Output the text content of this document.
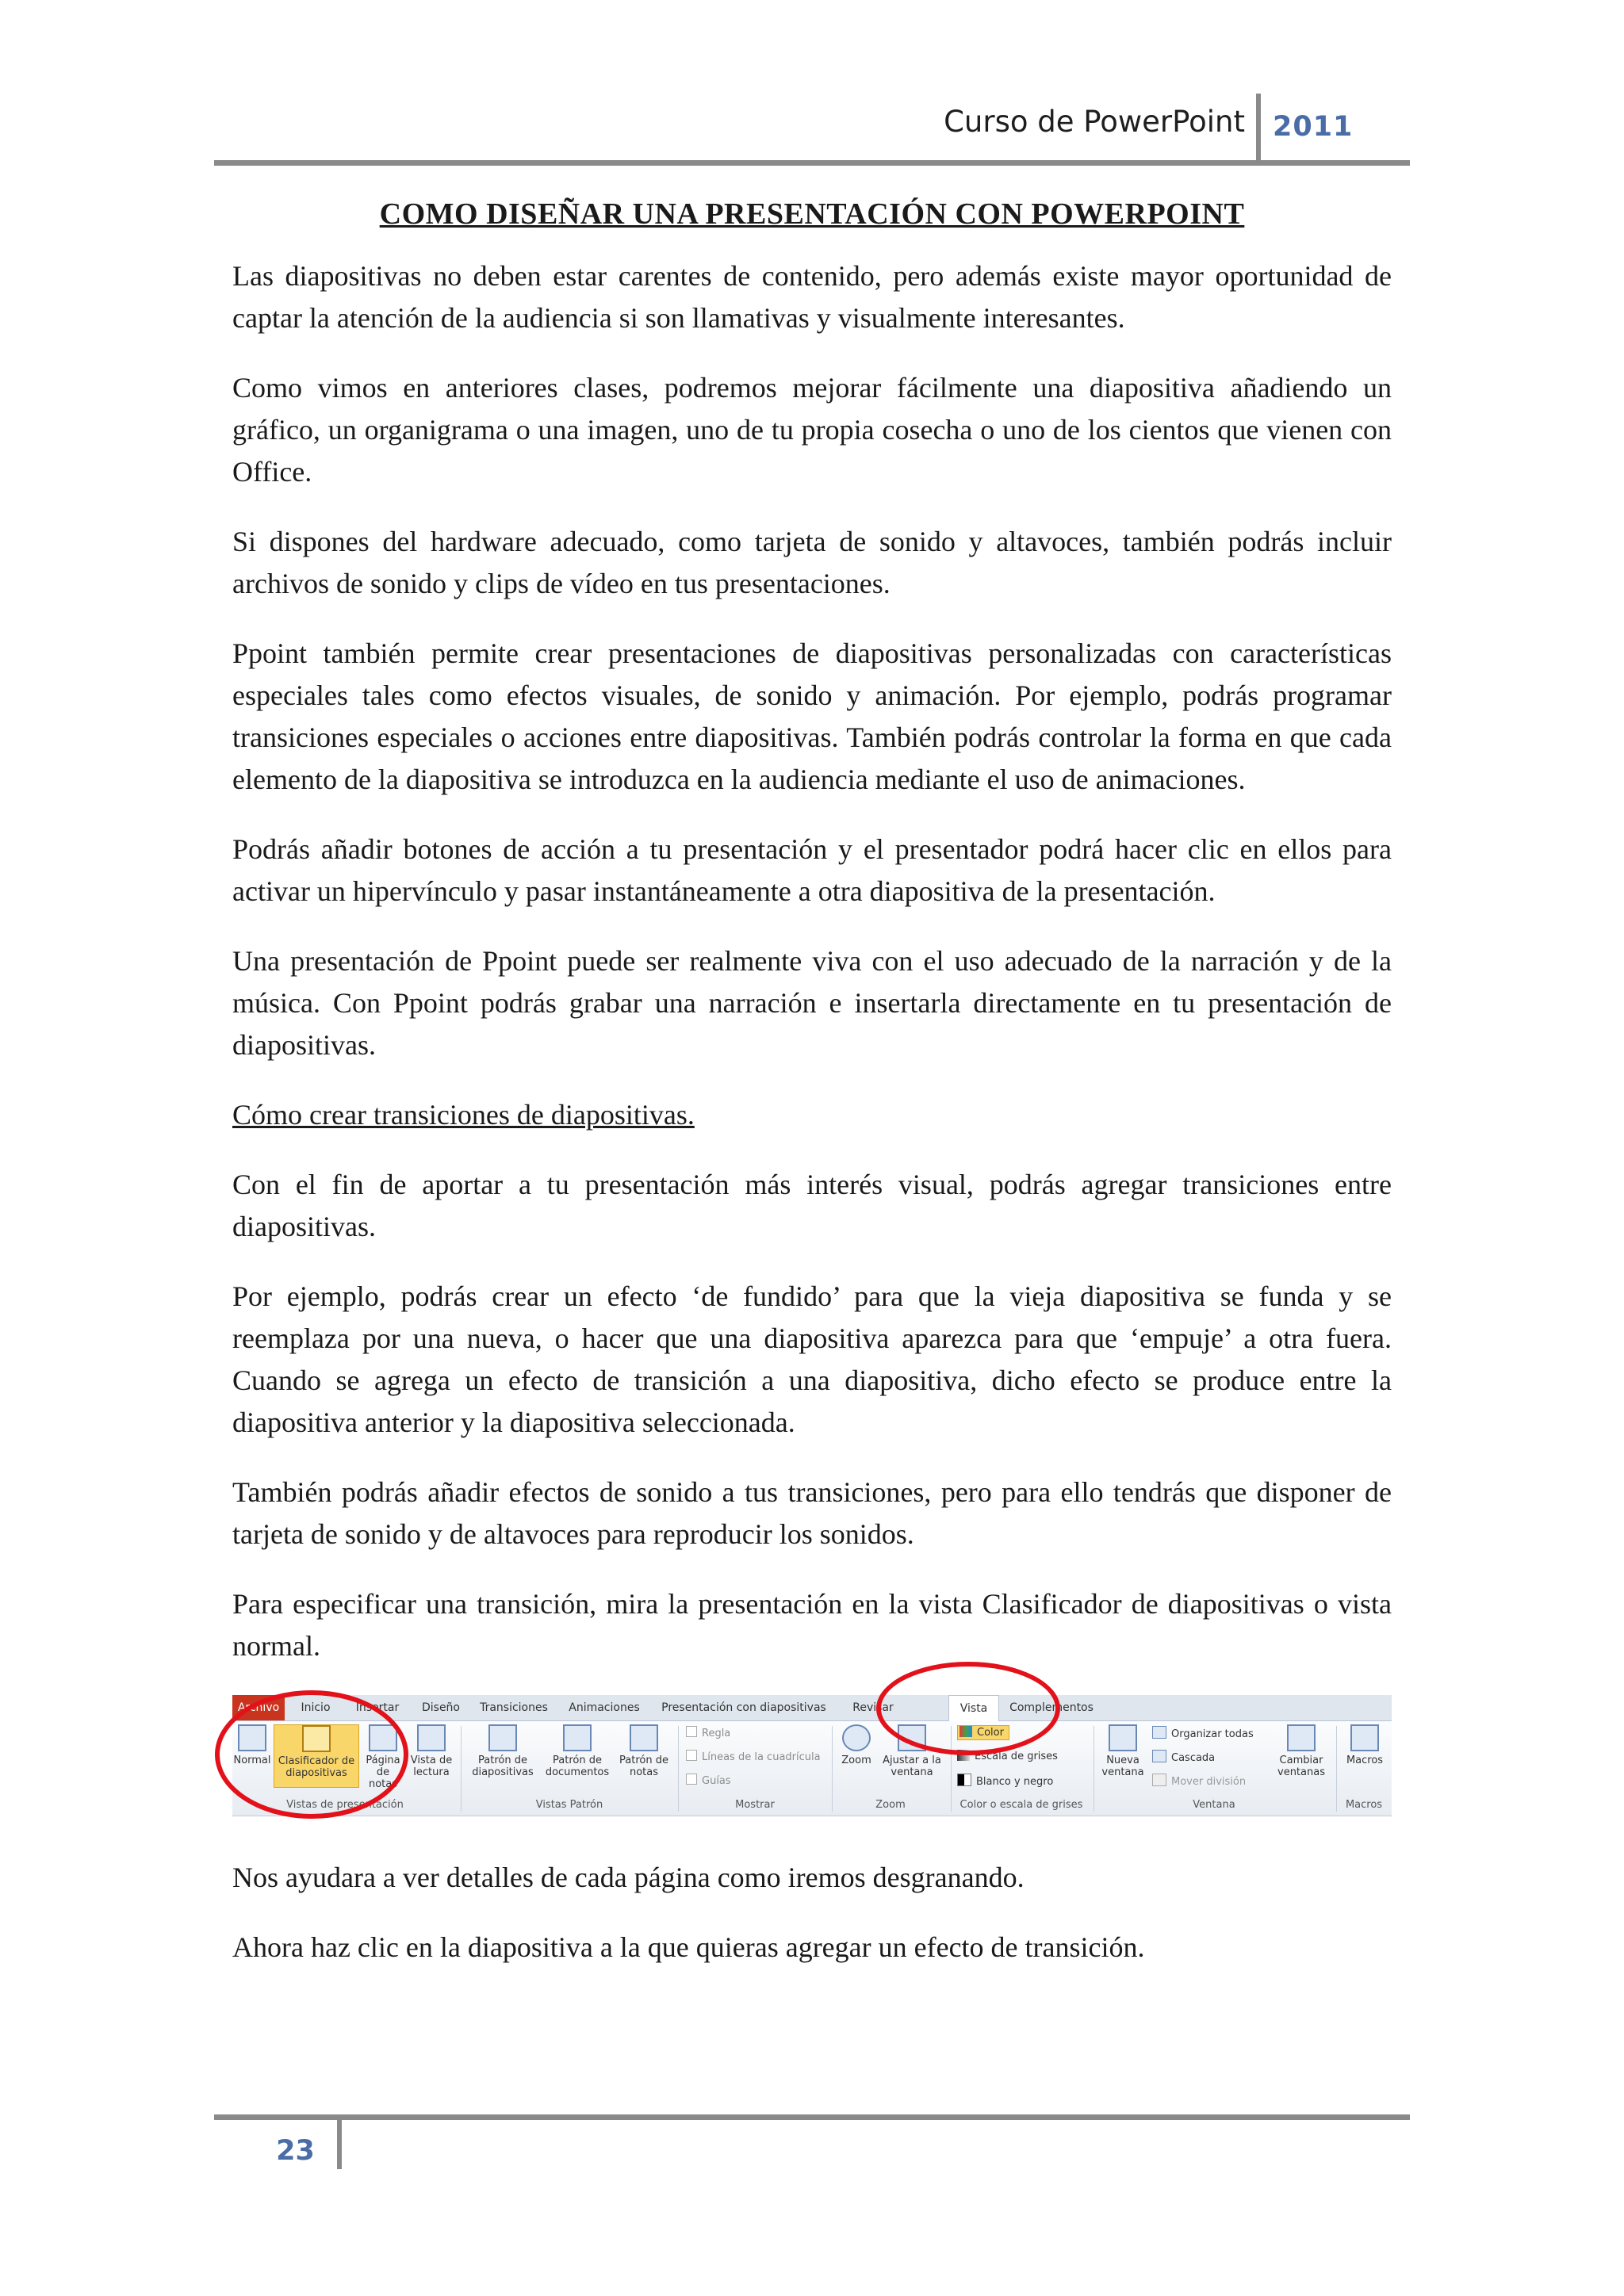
Curso de PowerPoint 2011
COMO DISEÑAR UNA PRESENTACIÓN CON POWERPOINT

Las diapositivas no deben estar carentes de contenido, pero además existe mayor oportunidad de captar la atención de la audiencia si son llamativas y visualmente interesantes.

Como vimos en anteriores clases, podremos mejorar fácilmente una diapositiva añadiendo un gráfico, un organigrama o una imagen, uno de tu propia cosecha o uno de los cientos que vienen con Office.

Si dispones del hardware adecuado, como tarjeta de sonido y altavoces, también podrás incluir archivos de sonido y clips de vídeo en tus presentaciones.

Ppoint también permite crear presentaciones de diapositivas personalizadas con características especiales tales como efectos visuales, de sonido y animación. Por ejemplo, podrás programar transiciones especiales o acciones entre diapositivas. También podrás controlar la forma en que cada elemento de la diapositiva se introduzca en la audiencia mediante el uso de animaciones.

Podrás añadir botones de acción a tu presentación y el presentador podrá hacer clic en ellos para activar un hipervínculo y pasar instantáneamente a otra diapositiva de la presentación.

Una presentación de Ppoint puede ser realmente viva con el uso adecuado de la narración y de la música. Con Ppoint podrás grabar una narración e insertarla directamente en tu presentación de diapositivas.

Cómo crear transiciones de diapositivas.

Con el fin de aportar a tu presentación más interés visual, podrás agregar transiciones entre diapositivas.

Por ejemplo, podrás crear un efecto ‘de fundido’ para que la vieja diapositiva se funda y se reemplaza por una nueva, o hacer que una diapositiva aparezca para que ‘empuje’ a otra fuera. Cuando se agrega un efecto de transición a una diapositiva, dicho efecto se produce entre la diapositiva anterior y la diapositiva seleccionada.

También podrás añadir efectos de sonido a tus transiciones, pero para ello tendrás que disponer de tarjeta de sonido y de altavoces para reproducir los sonidos.

Para especificar una transición, mira la presentación en la vista Clasificador de diapositivas o vista normal.

Archivo	Inicio	Insertar	Diseño	Transiciones	Animaciones	Presentación con diapositivas	Revisar	Vista	Complementos
Normal Clasificador de diapositivas
Página de notas
Vista de lectura
Vistas de presentación
Patrón de diapositivas
Patrón de documentos
Patrón de notas
Vistas Patrón
Regla
Líneas de la cuadrícula
Guías
Mostrar
Zoom	Ajustar a la ventana
Zoom
Color
Escala de grises
Blanco y negro
Color o escala de grises
Nueva ventana
Organizar todas
Cascada
Mover división
Cambiar ventanas
Ventana
Macros
Macros

Nos ayudara a ver detalles de cada página como iremos desgranando.

Ahora haz clic en la diapositiva a la que quieras agregar un efecto de transición.

23
